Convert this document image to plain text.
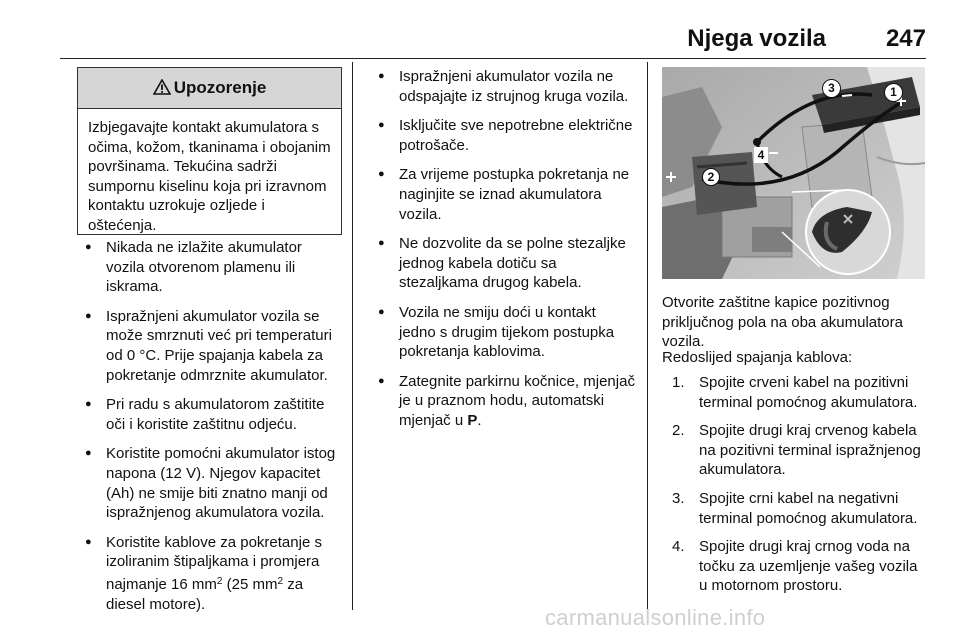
Njega vozila 247
Upozorenje
Izbjegavajte kontakt akumulatora s očima, kožom, tkaninama i obojanim površinama. Tekućina sadrži sumpornu kiselinu koja pri izravnom kontaktu uzrokuje ozljede i oštećenja.
● Nikada ne izlažite akumulator vozila otvorenom plamenu ili iskrama.
● Ispražnjeni akumulator vozila se može smrznuti već pri temperaturi od 0 °C. Prije spajanja kabela za pokretanje odmrznite akumulator.
● Pri radu s akumulatorom zaštitite oči i koristite zaštitnu odjeću.
● Koristite pomoćni akumulator istog napona (12 V). Njegov kapacitet (Ah) ne smije biti znatno manji od ispražnjenog akumulatora vozila.
● Koristite kablove za pokretanje s izoliranim štipaljkama i promjera najmanje 16 $mm^2$ (25 $mm^2$ za diesel motore).
● Ispražnjeni akumulator vozila ne odspajajte iz strujnog kruga vozila.
● Isključite sve nepotrebne električne potrošače.
● Za vrijeme postupka pokretanja ne naginjite se iznad akumulatora vozila.
● Ne dozvolite da se polne stezaljke jednog kabela dotiču sa stezaljkama drugog kabela.
● Vozila ne smiju doći u kontakt jedno s drugim tijekom postupka pokretanja kablovima.
● Zategnite parkirnu kočnice, mjenjač je u praznom hodu, automatski mjenjač u P.
3	1
4
2

Otvorite zaštitne kapice pozitivnog priključnog pola na oba akumulatora vozila.

Redoslijed spajanja kablova:

1. Spojite crveni kabel na pozitivni terminal pomoćnog akumulatora.
2. Spojite drugi kraj crvenog kabela na pozitivni terminal ispražnjenog akumulatora.
3. Spojite crni kabel na negativni terminal pomoćnog akumulatora.
4. Spojite drugi kraj crnog voda na točku za uzemljenje vašeg vozila u motornom prostoru.
carmanualsonline.info
